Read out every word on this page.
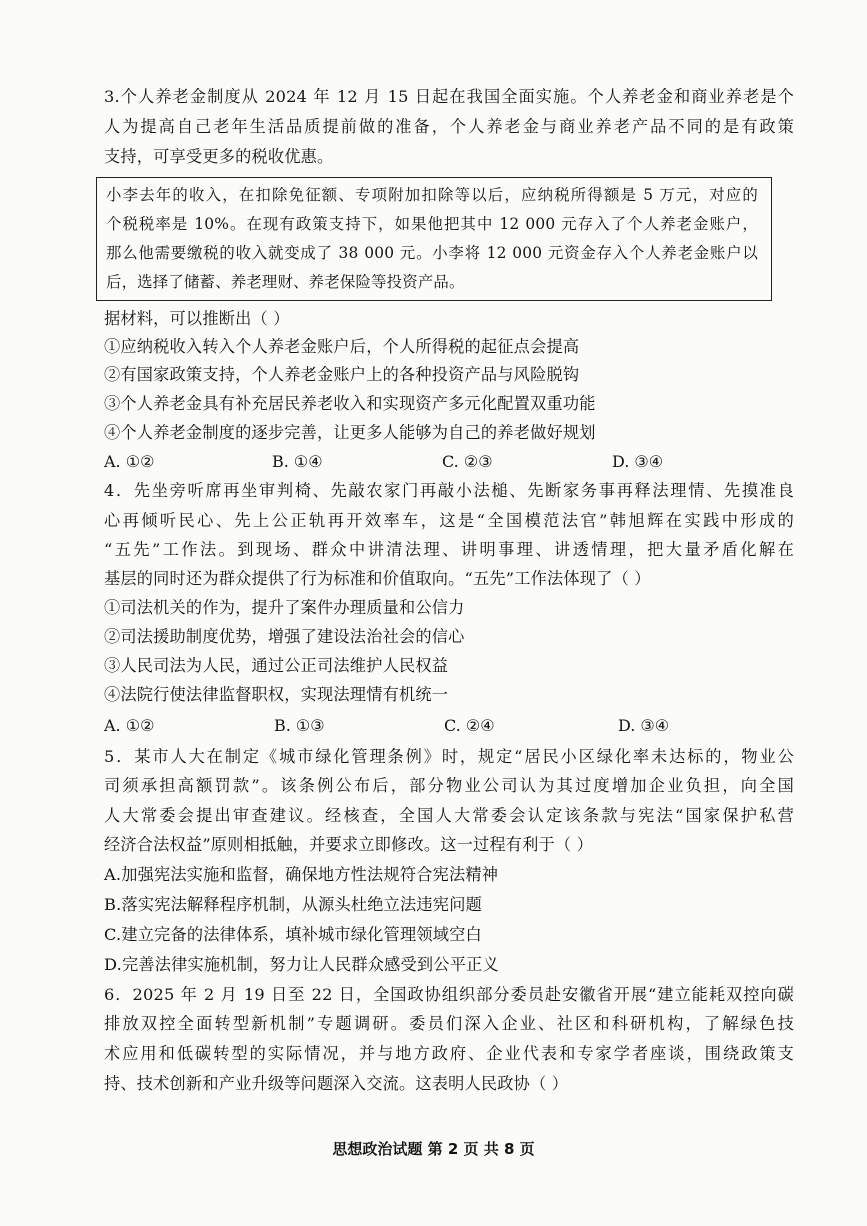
3.个人养老金制度从 2024 年 12 月 15 日起在我国全面实施。个人养老金和商业养老是个
人为提高自己老年生活品质提前做的准备，个人养老金与商业养老产品不同的是有政策
支持，可享受更多的税收优惠。
小李去年的收入，在扣除免征额、专项附加扣除等以后，应纳税所得额是 5 万元，对应的
个税税率是 10%。在现有政策支持下，如果他把其中 12 000 元存入了个人养老金账户，
那么他需要缴税的收入就变成了 38 000 元。小李将 12 000 元资金存入个人养老金账户以
后，选择了储蓄、养老理财、养老保险等投资产品。
据材料，可以推断出（ ）
①应纳税收入转入个人养老金账户后，个人所得税的起征点会提高
②有国家政策支持，个人养老金账户上的各种投资产品与风险脱钩
③个人养老金具有补充居民养老收入和实现资产多元化配置双重功能
④个人养老金制度的逐步完善，让更多人能够为自己的养老做好规划
A. ①②	B. ①④	C. ②③	D. ③④
4．先坐旁听席再坐审判椅、先敲农家门再敲小法槌、先断家务事再释法理情、先摸准良
心再倾听民心、先上公正轨再开效率车，这是“全国模范法官”韩旭辉在实践中形成的
“五先”工作法。到现场、群众中讲清法理、讲明事理、讲透情理，把大量矛盾化解在
基层的同时还为群众提供了行为标准和价值取向。“五先”工作法体现了（ ）
①司法机关的作为，提升了案件办理质量和公信力
②司法援助制度优势，增强了建设法治社会的信心
③人民司法为人民，通过公正司法维护人民权益
④法院行使法律监督职权，实现法理情有机统一
A. ①②	B. ①③	C. ②④	D. ③④
5．某市人大在制定《城市绿化管理条例》时，规定“居民小区绿化率未达标的，物业公
司须承担高额罚款”。该条例公布后，部分物业公司认为其过度增加企业负担，向全国
人大常委会提出审查建议。经核查，全国人大常委会认定该条款与宪法“国家保护私营
经济合法权益”原则相抵触，并要求立即修改。这一过程有利于（ ）
A.加强宪法实施和监督，确保地方性法规符合宪法精神
B.落实宪法解释程序机制，从源头杜绝立法违宪问题
C.建立完备的法律体系，填补城市绿化管理领域空白
D.完善法律实施机制，努力让人民群众感受到公平正义
6．2025 年 2 月 19 日至 22 日，全国政协组织部分委员赴安徽省开展“建立能耗双控向碳
排放双控全面转型新机制”专题调研。委员们深入企业、社区和科研机构，了解绿色技
术应用和低碳转型的实际情况，并与地方政府、企业代表和专家学者座谈，围绕政策支
持、技术创新和产业升级等问题深入交流。这表明人民政协（ ）
思想政治试题 第 2 页 共 8 页
